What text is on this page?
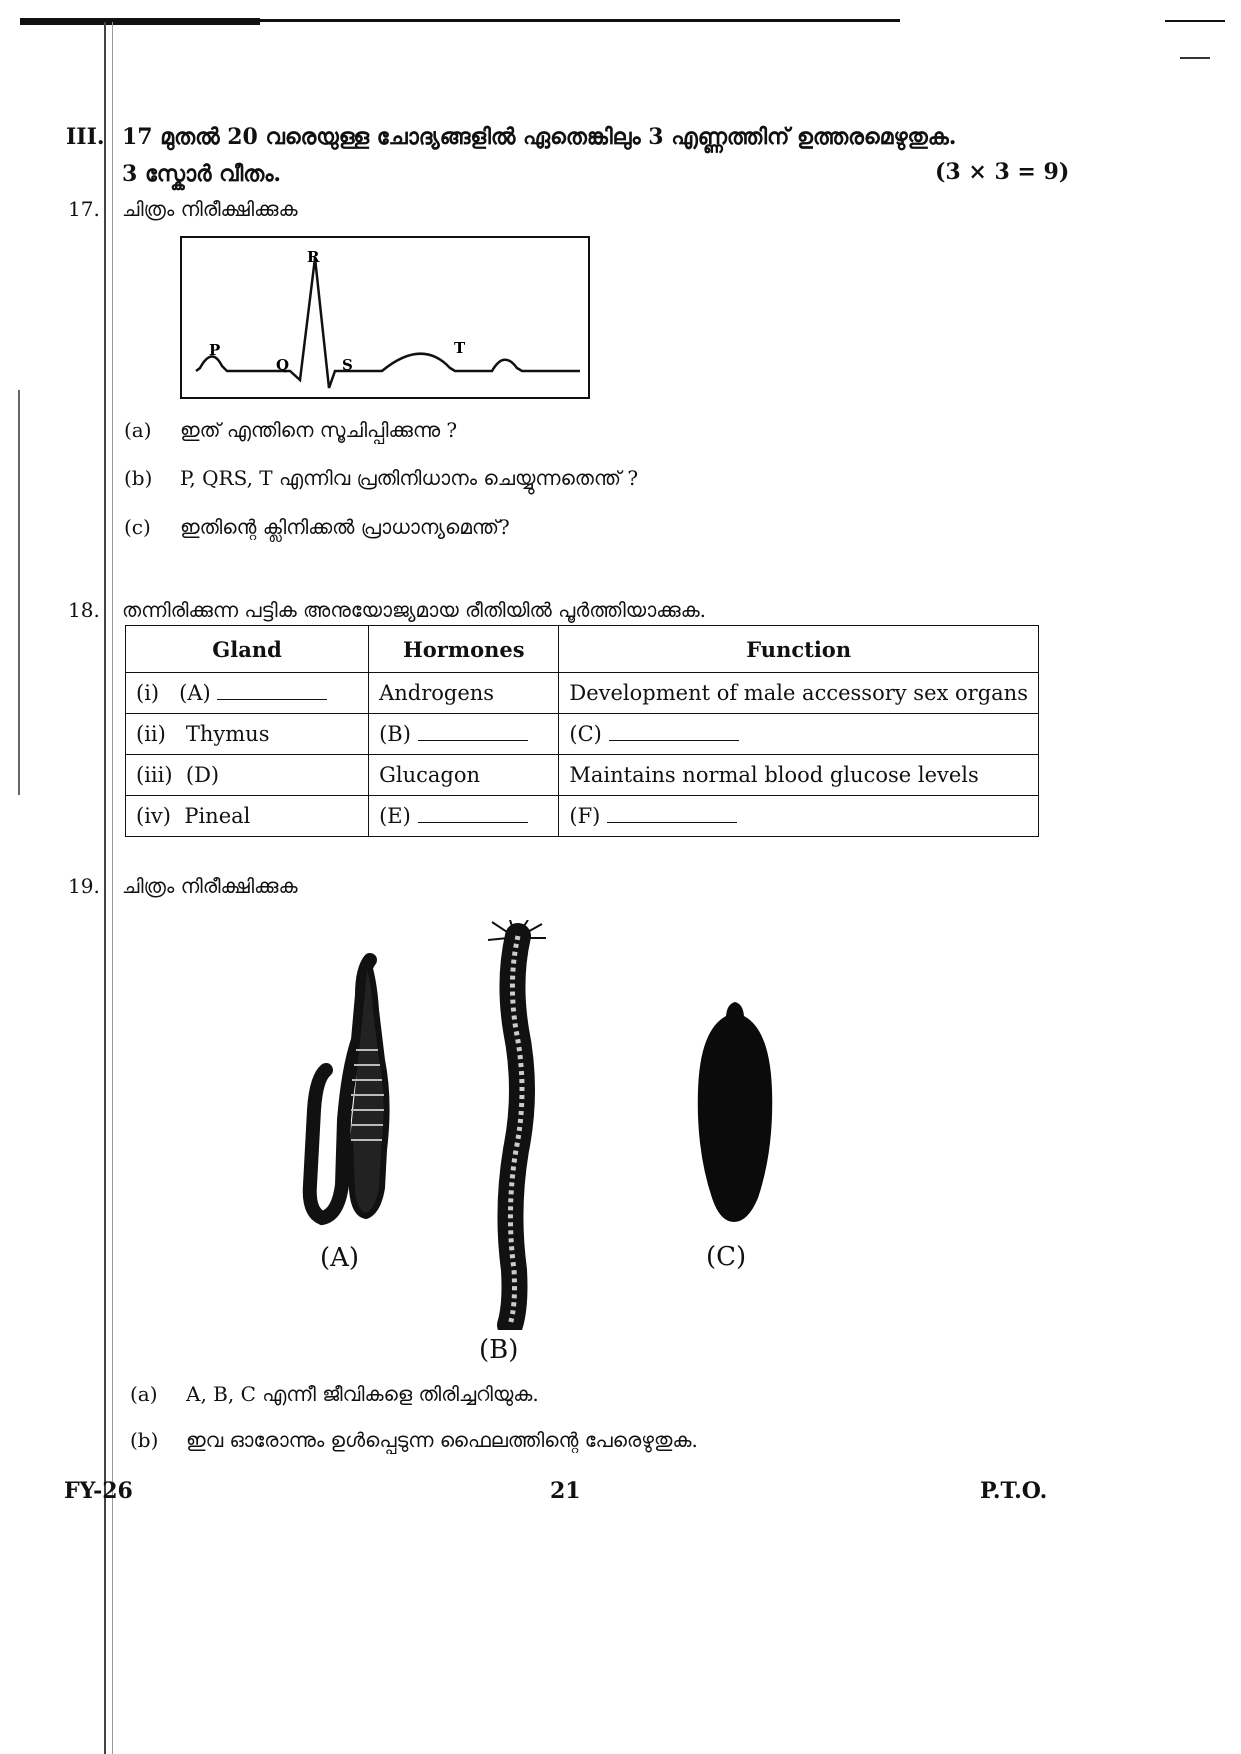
III. 17 മുതൽ 20 വരെയുള്ള ചോദ്യങ്ങളിൽ ഏതെങ്കിലും 3 എണ്ണത്തിന് ഉത്തരമെഴുതുക.
3 സ്കോർ വീതം.	(3 × 3 = 9)
17. ചിത്രം നിരീക്ഷിക്കുക
R
P
Q	S
T
(a) ഇത് എന്തിനെ സൂചിപ്പിക്കുന്നു ?
(b) P, QRS, T എന്നിവ പ്രതിനിധാനം ചെയ്യുന്നതെന്ത് ?
(c) ഇതിന്റെ ക്ലിനിക്കൽ പ്രാധാന്യമെന്ത്?
18. തന്നിരിക്കുന്ന പട്ടിക അനുയോജ്യമായ രീതിയിൽ പൂർത്തിയാക്കുക.
Gland	Hormones	Function
(i) (A)	Androgens	Development of male accessory sex organs
(ii) Thymus	(B)	(C)
(iii) (D)	Glucagon	Maintains normal blood glucose levels
(iv) Pineal	(E)	(F)
19. ചിത്രം നിരീക്ഷിക്കുക
(A)
(B)
(C)
(a) A, B, C എന്നീ ജീവികളെ തിരിച്ചറിയുക.
(b) ഇവ ഓരോന്നും ഉൾപ്പെടുന്ന ഫൈലത്തിന്റെ പേരെഴുതുക.
FY-26	21	P.T.O.
